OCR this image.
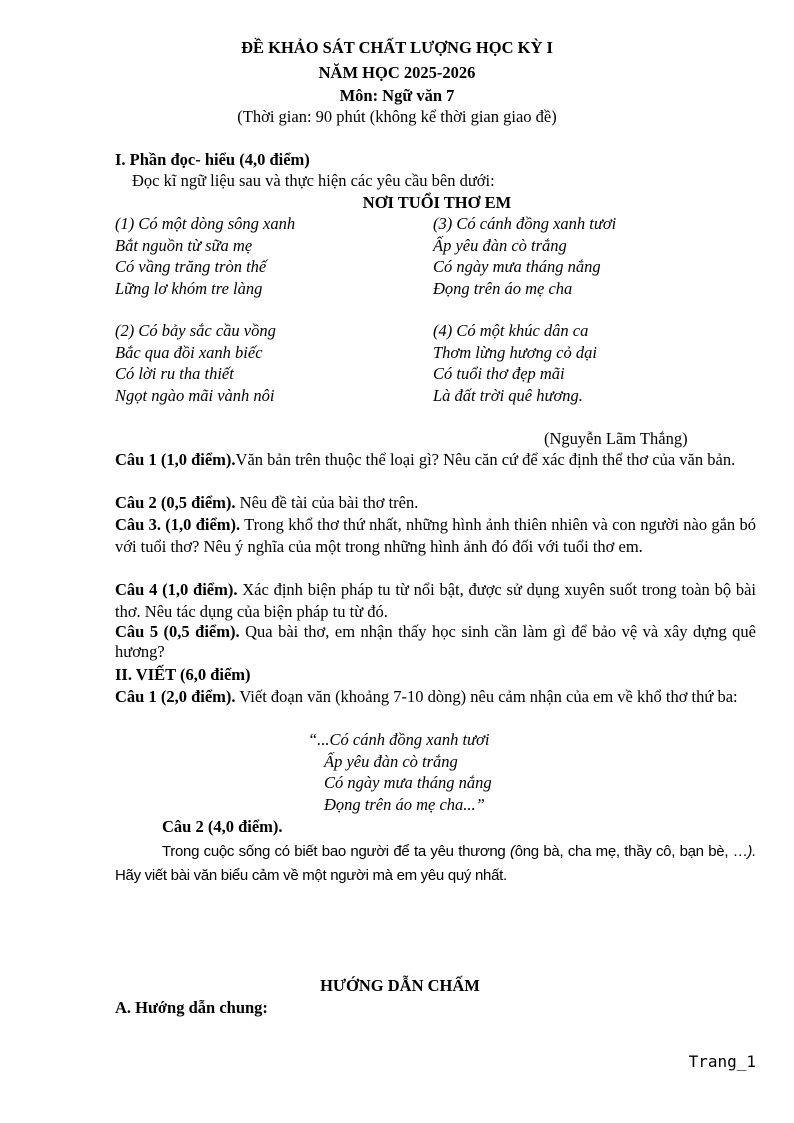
ĐỀ KHẢO SÁT CHẤT LƯỢNG HỌC KỲ I
NĂM HỌC 2025-2026
Môn: Ngữ văn 7
(Thời gian: 90 phút (không kể thời gian giao đề)
I. Phần đọc- hiểu (4,0 điểm)
Đọc kĩ ngữ liệu sau và thực hiện các yêu cầu bên dưới:
NƠI TUỔI THƠ EM
(1) Có một dòng sông xanh
Bắt nguồn từ sữa mẹ
Có vầng trăng tròn thế
Lững lơ khóm tre làng
(2) Có bảy sắc cầu vồng
Bắc qua đồi xanh biếc
Có lời ru tha thiết
Ngọt ngào mãi vành nôi
(3) Có cánh đồng xanh tươi
Ấp yêu đàn cò trắng
Có ngày mưa tháng nắng
Đọng trên áo mẹ cha
(4) Có một khúc dân ca
Thơm lừng hương cỏ dại
Có tuổi thơ đẹp mãi
Là đất trời quê hương.
(Nguyễn Lãm Thắng)
Câu 1 (1,0 điểm).Văn bản trên thuộc thể loại gì? Nêu căn cứ để xác định thể thơ của văn bản.
Câu 2 (0,5 điểm). Nêu đề tài của bài thơ trên.
Câu 3. (1,0 điểm). Trong khổ thơ thứ nhất, những hình ảnh thiên nhiên và con người nào gắn bó với tuổi thơ? Nêu ý nghĩa của một trong những hình ảnh đó đối với tuổi thơ em.
Câu 4 (1,0 điểm). Xác định biện pháp tu từ nổi bật, được sử dụng xuyên suốt trong toàn bộ bài thơ. Nêu tác dụng của biện pháp tu từ đó.
Câu 5 (0,5 điểm). Qua bài thơ, em nhận thấy học sinh cần làm gì để bảo vệ và xây dựng quê hương?
II. VIẾT (6,0 điểm)
Câu 1 (2,0 điểm). Viết đoạn văn (khoảng 7-10 dòng) nêu cảm nhận của em về khổ thơ thứ ba:
“...Có cánh đồng xanh tươi
Ấp yêu đàn cò trắng
Có ngày mưa tháng nắng
Đọng trên áo mẹ cha...”
Câu 2 (4,0 điểm).
Trong cuộc sống có biết bao người để ta yêu thương (ông bà, cha mẹ, thầy cô, bạn bè, …). Hãy viết bài văn biểu cảm về một người mà em yêu quý nhất.
HƯỚNG DẪN CHẤM
A. Hướng dẫn chung:
Trang_1
